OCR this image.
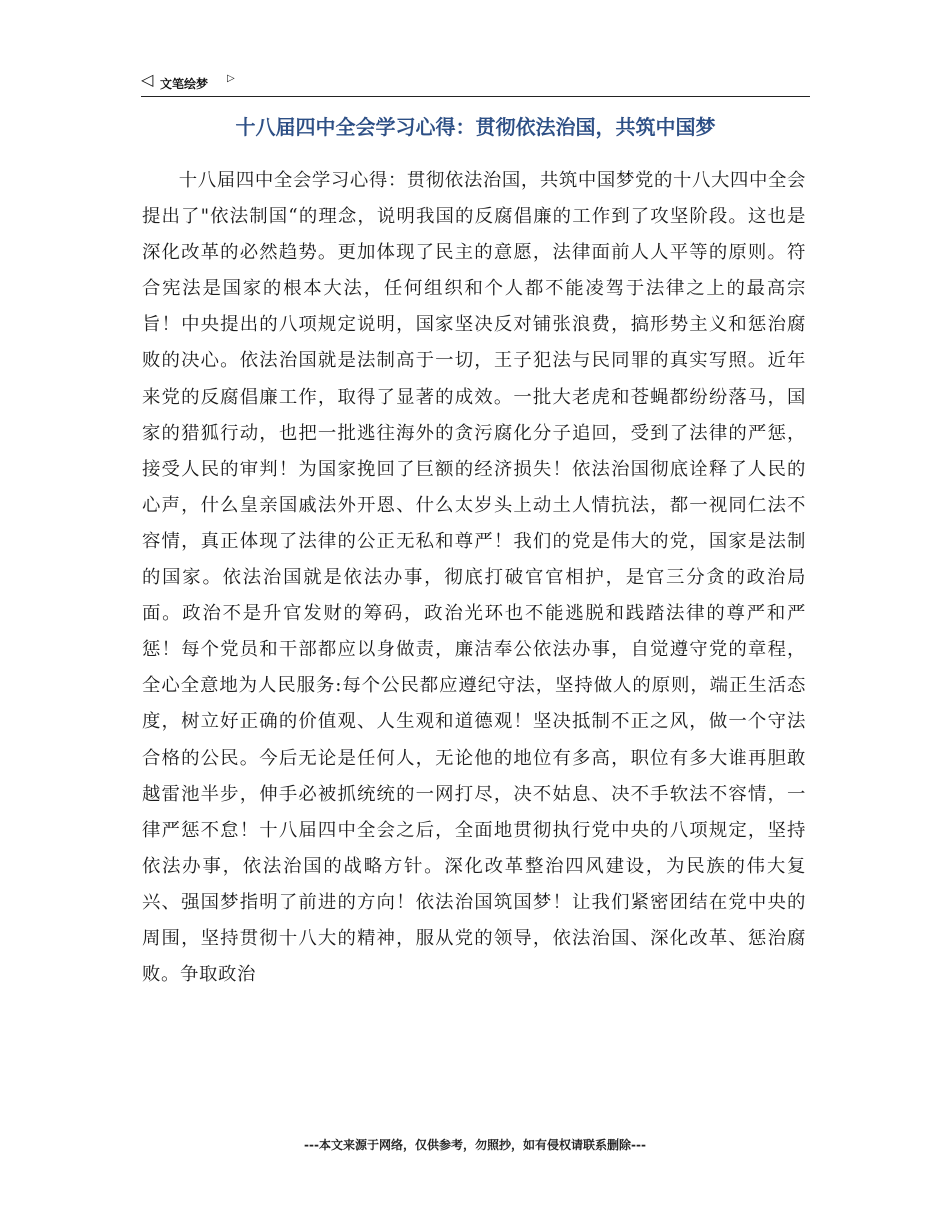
◁ 文笔绘梦 ▷
十八届四中全会学习心得：贯彻依法治国，共筑中国梦

十八届四中全会学习心得：贯彻依法治国，共筑中国梦党的十八大四中全会提出了"依法制国“的理念，说明我国的反腐倡廉的工作到了攻坚阶段。这也是深化改革的必然趋势。更加体现了民主的意愿，法律面前人人平等的原则。符合宪法是国家的根本大法，任何组织和个人都不能凌驾于法律之上的最高宗旨！中央提出的八项规定说明，国家坚决反对铺张浪费，搞形势主义和惩治腐败的决心。依法治国就是法制高于一切，王子犯法与民同罪的真实写照。近年来党的反腐倡廉工作，取得了显著的成效。一批大老虎和苍蝇都纷纷落马，国家的猎狐行动，也把一批逃往海外的贪污腐化分子追回，受到了法律的严惩，接受人民的审判！为国家挽回了巨额的经济损失！依法治国彻底诠释了人民的心声，什么皇亲国戚法外开恩、什么太岁头上动土人情抗法，都一视同仁法不容情，真正体现了法律的公正无私和尊严！我们的党是伟大的党，国家是法制的国家。依法治国就是依法办事，彻底打破官官相护，是官三分贪的政治局面。政治不是升官发财的筹码，政治光环也不能逃脱和践踏法律的尊严和严惩！每个党员和干部都应以身做责，廉洁奉公依法办事，自觉遵守党的章程，全心全意地为人民服务:每个公民都应遵纪守法，坚持做人的原则，端正生活态度，树立好正确的价值观、人生观和道德观！坚决抵制不正之风，做一个守法合格的公民。今后无论是任何人，无论他的地位有多高，职位有多大谁再胆敢越雷池半步，伸手必被抓统统的一网打尽，决不姑息、决不手软法不容情，一律严惩不怠！十八届四中全会之后，全面地贯彻执行党中央的八项规定，坚持依法办事，依法治国的战略方针。深化改革整治四风建设，为民族的伟大复兴、强国梦指明了前进的方向！依法治国筑国梦！让我们紧密团结在党中央的周围，坚持贯彻十八大的精神，服从党的领导，依法治国、深化改革、惩治腐败。争取政治

---本文来源于网络，仅供参考，勿照抄，如有侵权请联系删除---
